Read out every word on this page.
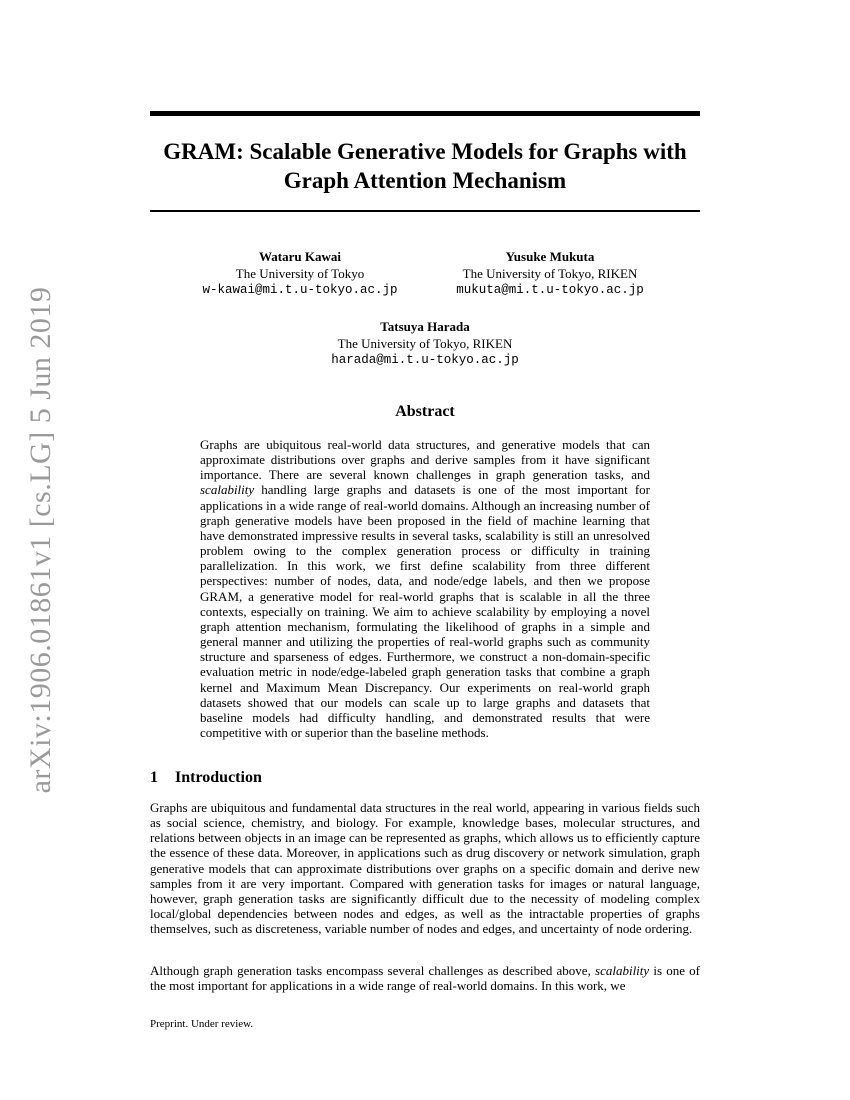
arXiv:1906.01861v1 [cs.LG] 5 Jun 2019
GRAM: Scalable Generative Models for Graphs with
Graph Attention Mechanism
Wataru Kawai
The University of Tokyo
w-kawai@mi.t.u-tokyo.ac.jp
Yusuke Mukuta
The University of Tokyo, RIKEN
mukuta@mi.t.u-tokyo.ac.jp
Tatsuya Harada
The University of Tokyo, RIKEN
harada@mi.t.u-tokyo.ac.jp
Abstract

Graphs are ubiquitous real-world data structures, and generative models that can approximate distributions over graphs and derive samples from it have significant importance. There are several known challenges in graph generation tasks, and scalability handling large graphs and datasets is one of the most important for applications in a wide range of real-world domains. Although an increasing number of graph generative models have been proposed in the field of machine learning that have demonstrated impressive results in several tasks, scalability is still an unresolved problem owing to the complex generation process or difficulty in training parallelization. In this work, we first define scalability from three different perspectives: number of nodes, data, and node/edge labels, and then we propose GRAM, a generative model for real-world graphs that is scalable in all the three contexts, especially on training. We aim to achieve scalability by employing a novel graph attention mechanism, formulating the likelihood of graphs in a simple and general manner and utilizing the properties of real-world graphs such as community structure and sparseness of edges. Furthermore, we construct a non-domain-specific evaluation metric in node/edge-labeled graph generation tasks that combine a graph kernel and Maximum Mean Discrepancy. Our experiments on real-world graph datasets showed that our models can scale up to large graphs and datasets that baseline models had difficulty handling, and demonstrated results that were competitive with or superior than the baseline methods.

1 Introduction

Graphs are ubiquitous and fundamental data structures in the real world, appearing in various fields such as social science, chemistry, and biology. For example, knowledge bases, molecular structures, and relations between objects in an image can be represented as graphs, which allows us to efficiently capture the essence of these data. Moreover, in applications such as drug discovery or network simulation, graph generative models that can approximate distributions over graphs on a specific domain and derive new samples from it are very important. Compared with generation tasks for images or natural language, however, graph generation tasks are significantly difficult due to the necessity of modeling complex local/global dependencies between nodes and edges, as well as the intractable properties of graphs themselves, such as discreteness, variable number of nodes and edges, and uncertainty of node ordering.

Although graph generation tasks encompass several challenges as described above, scalability is one of the most important for applications in a wide range of real-world domains. In this work, we

Preprint. Under review.
